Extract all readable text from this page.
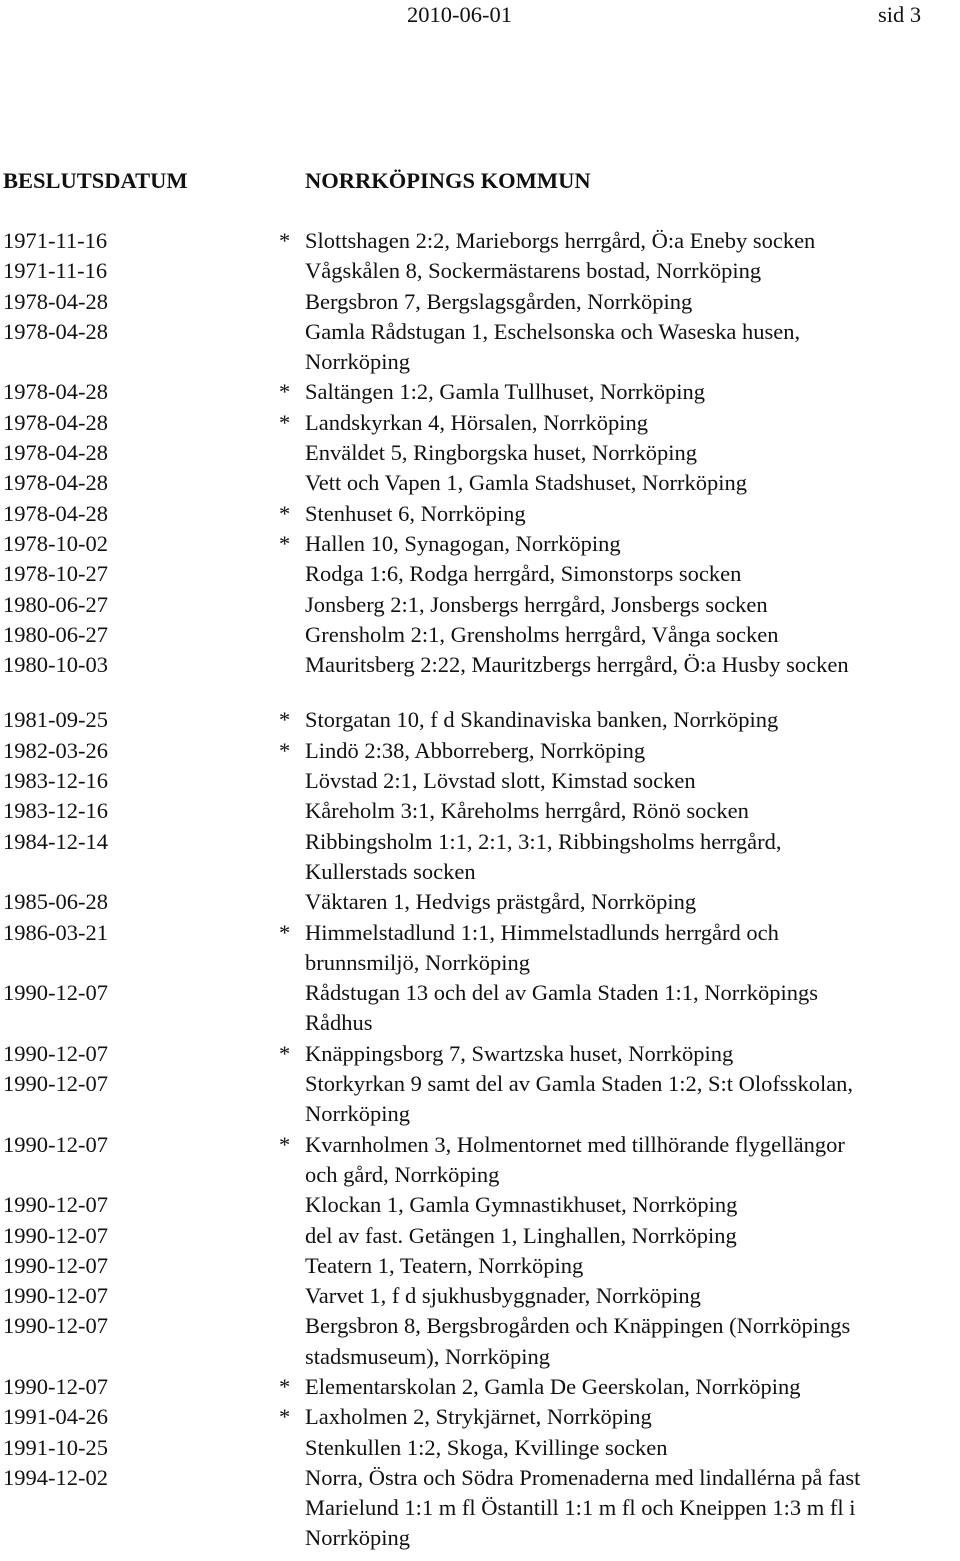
2010-06-01	sid 3
BESLUTSDATUM	NORRKÖPINGS KOMMUN
1971-11-16	* Slottshagen 2:2, Marieborgs herrgård, Ö:a Eneby socken
1971-11-16	Vågskålen 8, Sockermästarens bostad, Norrköping
1978-04-28	Bergsbron 7, Bergslagsgården, Norrköping
1978-04-28	Gamla Rådstugan 1, Eschelsonska och Waseska husen,
Norrköping
1978-04-28	* Saltängen 1:2, Gamla Tullhuset, Norrköping
1978-04-28	* Landskyrkan 4, Hörsalen, Norrköping
1978-04-28	Enväldet 5, Ringborgska huset, Norrköping
1978-04-28	Vett och Vapen 1, Gamla Stadshuset, Norrköping
1978-04-28	* Stenhuset 6, Norrköping
1978-10-02	* Hallen 10, Synagogan, Norrköping
1978-10-27	Rodga 1:6, Rodga herrgård, Simonstorps socken
1980-06-27	Jonsberg 2:1, Jonsbergs herrgård, Jonsbergs socken
1980-06-27	Grensholm 2:1, Grensholms herrgård, Vånga socken
1980-10-03	Mauritsberg 2:22, Mauritzbergs herrgård, Ö:a Husby socken
1981-09-25	* Storgatan 10, f d Skandinaviska banken, Norrköping
1982-03-26	* Lindö 2:38, Abborreberg, Norrköping
1983-12-16	Lövstad 2:1, Lövstad slott, Kimstad socken
1983-12-16	Kåreholm 3:1, Kåreholms herrgård, Rönö socken
1984-12-14	Ribbingsholm 1:1, 2:1, 3:1, Ribbingsholms herrgård,
Kullerstads socken
1985-06-28	Väktaren 1, Hedvigs prästgård, Norrköping
1986-03-21	* Himmelstadlund 1:1, Himmelstadlunds herrgård och
brunnsmiljö, Norrköping
1990-12-07	Rådstugan 13 och del av Gamla Staden 1:1, Norrköpings
Rådhus
1990-12-07	* Knäppingsborg 7, Swartzska huset, Norrköping
1990-12-07	Storkyrkan 9 samt del av Gamla Staden 1:2, S:t Olofsskolan,
Norrköping
1990-12-07	* Kvarnholmen 3, Holmentornet med tillhörande flygellängor
och gård, Norrköping
1990-12-07	Klockan 1, Gamla Gymnastikhuset, Norrköping
1990-12-07	del av fast. Getängen 1, Linghallen, Norrköping
1990-12-07	Teatern 1, Teatern, Norrköping
1990-12-07	Varvet 1, f d sjukhusbyggnader, Norrköping
1990-12-07	Bergsbron 8, Bergsbrogården och Knäppingen (Norrköpings
stadsmuseum), Norrköping
1990-12-07	* Elementarskolan 2, Gamla De Geerskolan, Norrköping
1991-04-26	* Laxholmen 2, Strykjärnet, Norrköping
1991-10-25	Stenkullen 1:2, Skoga, Kvillinge socken
1994-12-02	Norra, Östra och Södra Promenaderna med lindallérna på fast
Marielund 1:1 m fl Östantill 1:1 m fl och Kneippen 1:3 m fl i
Norrköping
